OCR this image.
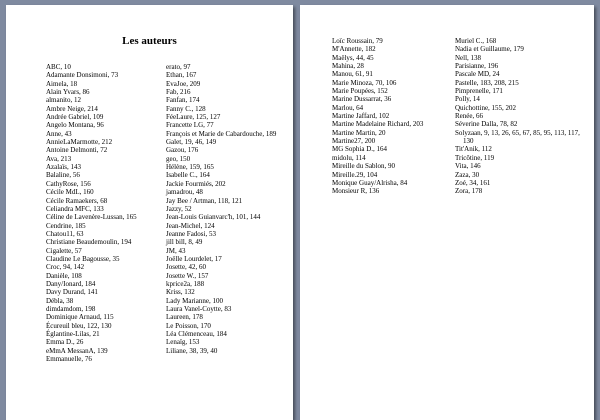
Les auteurs
ABC, 10
Adamante Donsimoni, 73
Aimela, 18
Alain Yvars, 86
almanito, 12
Ambre Neige, 214
Andrée Gabriel, 109
Angelo Montana, 96
Anne, 43
AnnieLaMarmotte, 212
Antoine Delmonti, 72
Ava, 213
Azalaïs, 143
Balaline, 56
CathyRose, 156
Cécile MdL, 160
Cécile Ramaekers, 68
Celiandra MFC, 133
Céline de Lavenère-Lussan, 165
Cendrine, 185
Chatou11, 63
Christiane Beaudemoulin, 194
Cigalette, 57
Claudine Le Bagousse, 35
Croc, 94, 142
Danièle, 108
Dany/Ionard, 184
Davy Durand, 141
Débla, 38
dimdamdom, 198
Dominique Arnaud, 115
Écureuil bleu, 122, 130
Églantine-Lilas, 21
Emma D., 26
eMmA MessanA, 139
Emmanuelle, 76
erato, 97
Ethan, 167
EvaJoe, 209
Fab, 216
Fanfan, 174
Fanny C., 128
FéeLaure, 125, 127
Francette LG, 77
François et Marie de Cabardouche, 189
Galet, 19, 46, 149
Gazou, 176
geo, 150
Hélène, 159, 165
Isabelle C., 164
Jackie Fourmiés, 202
jamadrou, 48
Jay Bee / Artman, 118, 121
Jazzy, 52
Jean-Louis Guianvarc'h, 101, 144
Jean-Michel, 124
Jeanne Fadosi, 53
jill bill, 8, 49
JM, 43
Joëlle Lourdelet, 17
Josette, 42, 60
Josette W., 157
kprice2a, 188
Kriss, 132
Lady Marianne, 100
Laura Vanel-Coytte, 83
Laureen, 178
Le Poisson, 170
Léa Clémenceau, 184
Lenaïg, 153
Liliane, 38, 39, 40
Loïc Roussain, 79
M'Annette, 182
Maëlys, 44, 45
Mahina, 28
Manou, 61, 91
Marie Minoza, 70, 106
Marie Poupées, 152
Marine Dussarrat, 36
Marlou, 64
Martine Jaffard, 102
Martine Madelaine Richard, 203
Martine Martin, 20
Martine27, 200
MG Sophia D., 164
midolu, 114
Mireille du Sablon, 90
Mireille.29, 104
Monique Guay/Alrisha, 84
Monsieur R, 136
Muriel C., 168
Nadia et Guillaume, 179
Nell, 138
Parisianne, 196
Pascale MD, 24
Pastelle, 183, 208, 215
Pimprenelle, 171
Polly, 14
Quichottine, 155, 202
Renée, 66
Séverine Dalla, 78, 82
Solyzaan, 9, 13, 26, 65, 67, 85, 95, 113, 117, 130
Tit'Anik, 112
Tricôtine, 119
Vita, 146
Zaza, 30
Zoé, 34, 161
Zora, 178
